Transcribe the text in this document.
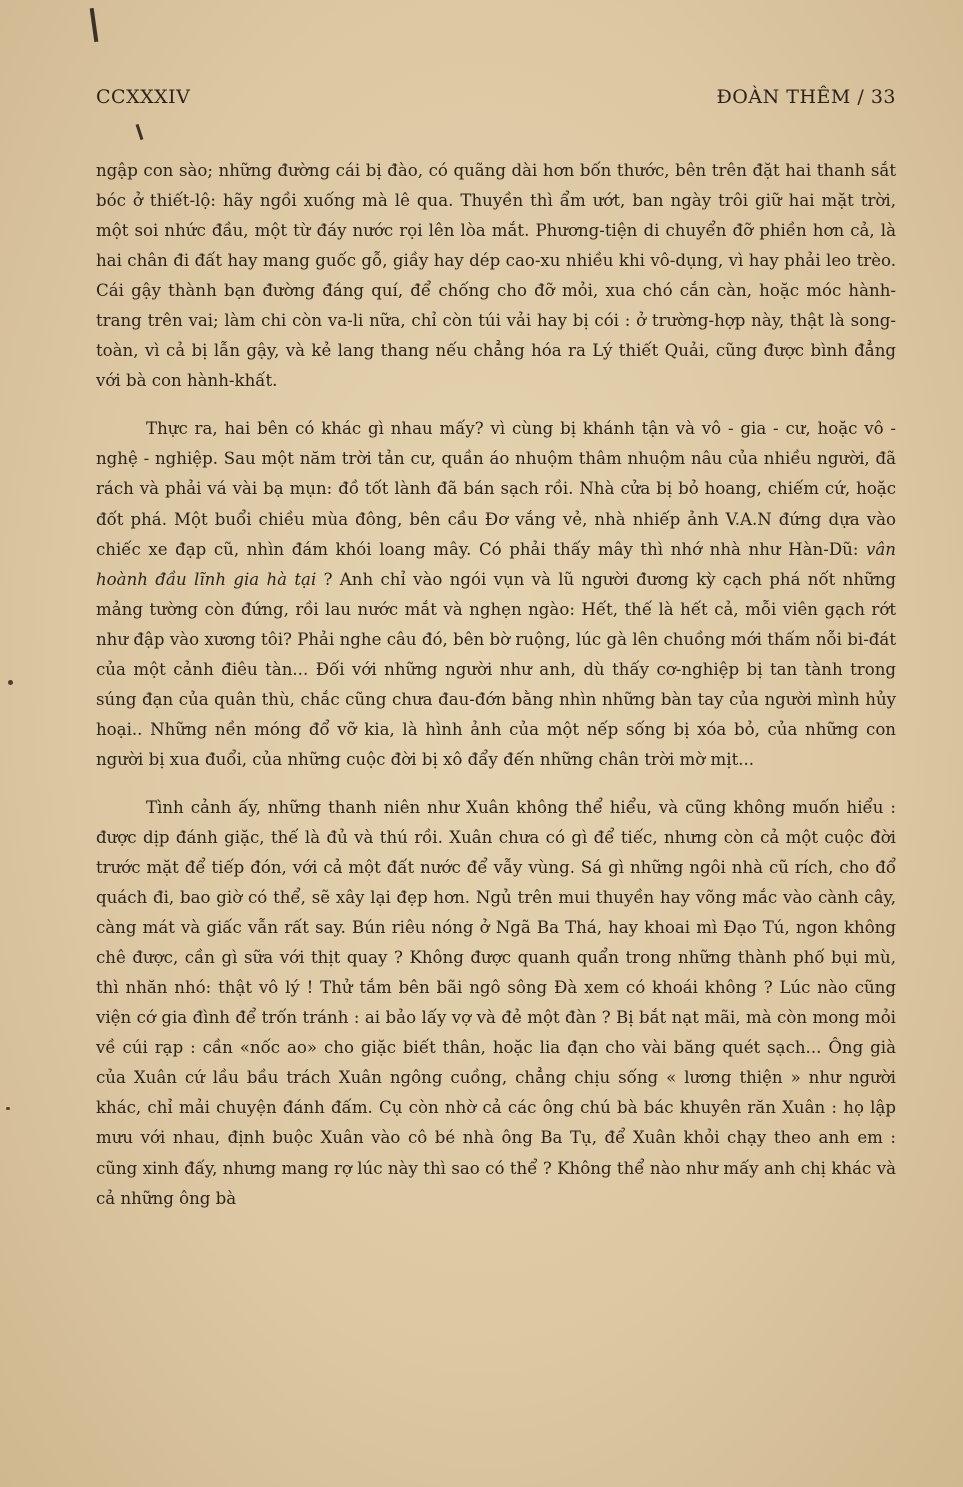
CCXXXIV	ĐOÀN THÊM / 33

ngập con sào; những đường cái bị đào, có quãng dài hơn bốn thước, bên trên đặt hai thanh sắt bóc ở thiết-lộ: hãy ngồi xuống mà lê qua. Thuyền thì ẩm ướt, ban ngày trôi giữ hai mặt trời, một soi nhức đầu, một từ đáy nước rọi lên lòa mắt. Phương-tiện di chuyển đỡ phiền hơn cả, là hai chân đi đất hay mang guốc gỗ, giầy hay dép cao-xu nhiều khi vô-dụng, vì hay phải leo trèo. Cái gậy thành bạn đường đáng quí, để chống cho đỡ mỏi, xua chó cắn càn, hoặc móc hành-trang trên vai; làm chi còn va-li nữa, chỉ còn túi vải hay bị cói : ở trường-hợp này, thật là song-toàn, vì cả bị lẫn gậy, và kẻ lang thang nếu chẳng hóa ra Lý thiết Quải, cũng được bình đẳng với bà con hành-khất.

Thực ra, hai bên có khác gì nhau mấy? vì cùng bị khánh tận và vô - gia - cư, hoặc vô - nghệ - nghiệp. Sau một năm trời tản cư, quần áo nhuộm thâm nhuộm nâu của nhiều người, đã rách và phải vá vài bạ mụn: đồ tốt lành đã bán sạch rồi. Nhà cửa bị bỏ hoang, chiếm cứ, hoặc đốt phá. Một buổi chiều mùa đông, bên cầu Đơ vắng vẻ, nhà nhiếp ảnh V.A.N đứng dựa vào chiếc xe đạp cũ, nhìn đám khói loang mây. Có phải thấy mây thì nhớ nhà như Hàn-Dũ: vân hoành đầu lĩnh gia hà tại ? Anh chỉ vào ngói vụn và lũ người đương kỳ cạch phá nốt những mảng tường còn đứng, rồi lau nước mắt và nghẹn ngào: Hết, thế là hết cả, mỗi viên gạch rớt như đập vào xương tôi? Phải nghe câu đó, bên bờ ruộng, lúc gà lên chuồng mới thấm nỗi bi-đát của một cảnh điêu tàn... Đối với những người như anh, dù thấy cơ-nghiệp bị tan tành trong súng đạn của quân thù, chắc cũng chưa đau-đớn bằng nhìn những bàn tay của người mình hủy hoại.. Những nền móng đổ vỡ kia, là hình ảnh của một nếp sống bị xóa bỏ, của những con người bị xua đuổi, của những cuộc đời bị xô đẩy đến những chân trời mờ mịt...

Tình cảnh ấy, những thanh niên như Xuân không thể hiểu, và cũng không muốn hiểu : được dịp đánh giặc, thế là đủ và thú rồi. Xuân chưa có gì để tiếc, nhưng còn cả một cuộc đời trước mặt để tiếp đón, với cả một đất nước để vẫy vùng. Sá gì những ngôi nhà cũ rích, cho đổ quách đi, bao giờ có thể, sẽ xây lại đẹp hơn. Ngủ trên mui thuyền hay võng mắc vào cành cây, càng mát và giấc vẫn rất say. Bún riêu nóng ở Ngã Ba Thá, hay khoai mì Đạo Tú, ngon không chê được, cần gì sữa với thịt quay ? Không được quanh quẩn trong những thành phố bụi mù, thì nhăn nhó: thật vô lý ! Thử tắm bên bãi ngô sông Đà xem có khoái không ? Lúc nào cũng viện cớ gia đình để trốn tránh : ai bảo lấy vợ và đẻ một đàn ? Bị bắt nạt mãi, mà còn mong mỏi về cúi rạp : cần «nốc ao» cho giặc biết thân, hoặc lia đạn cho vài băng quét sạch... Ông già của Xuân cứ lầu bầu trách Xuân ngông cuồng, chẳng chịu sống « lương thiện » như người khác, chỉ mải chuyện đánh đấm. Cụ còn nhờ cả các ông chú bà bác khuyên răn Xuân : họ lập mưu với nhau, định buộc Xuân vào cô bé nhà ông Ba Tụ, để Xuân khỏi chạy theo anh em : cũng xinh đấy, nhưng mang rợ lúc này thì sao có thể ? Không thể nào như mấy anh chị khác và cả những ông bà
